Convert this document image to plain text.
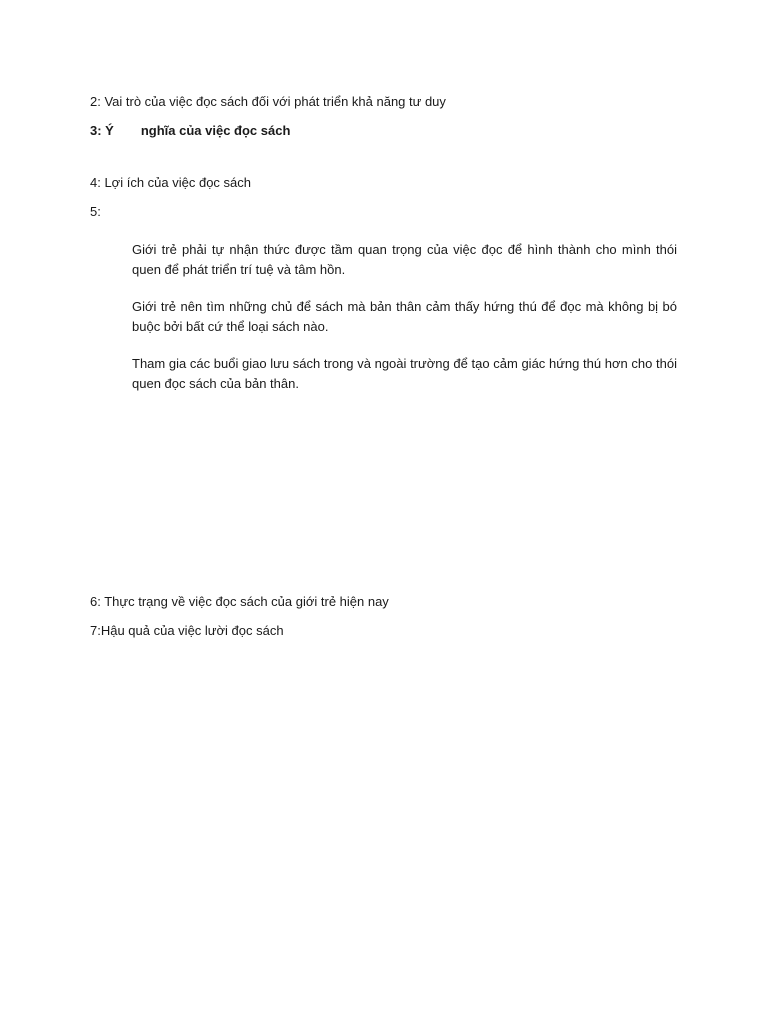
2: Vai trò của việc đọc sách đối với phát triển khả năng tư duy
3: Ý nghĩa của việc đọc sách
4: Lợi ích của việc đọc sách
5:
Giới trẻ phải tự nhận thức được tầm quan trọng của việc đọc để hình thành cho mình thói quen để phát triển trí tuệ và tâm hồn.
Giới trẻ nên tìm những chủ để sách mà bản thân cảm thấy hứng thú để đọc mà không bị bó buộc bởi bất cứ thể loại sách nào.
Tham gia các buổi giao lưu sách trong và ngoài trường để tạo cảm giác hứng thú hơn cho thói quen đọc sách của bản thân.
6: Thực trạng về việc đọc sách của giới trẻ hiện nay
7:Hậu quả của việc lười đọc sách
